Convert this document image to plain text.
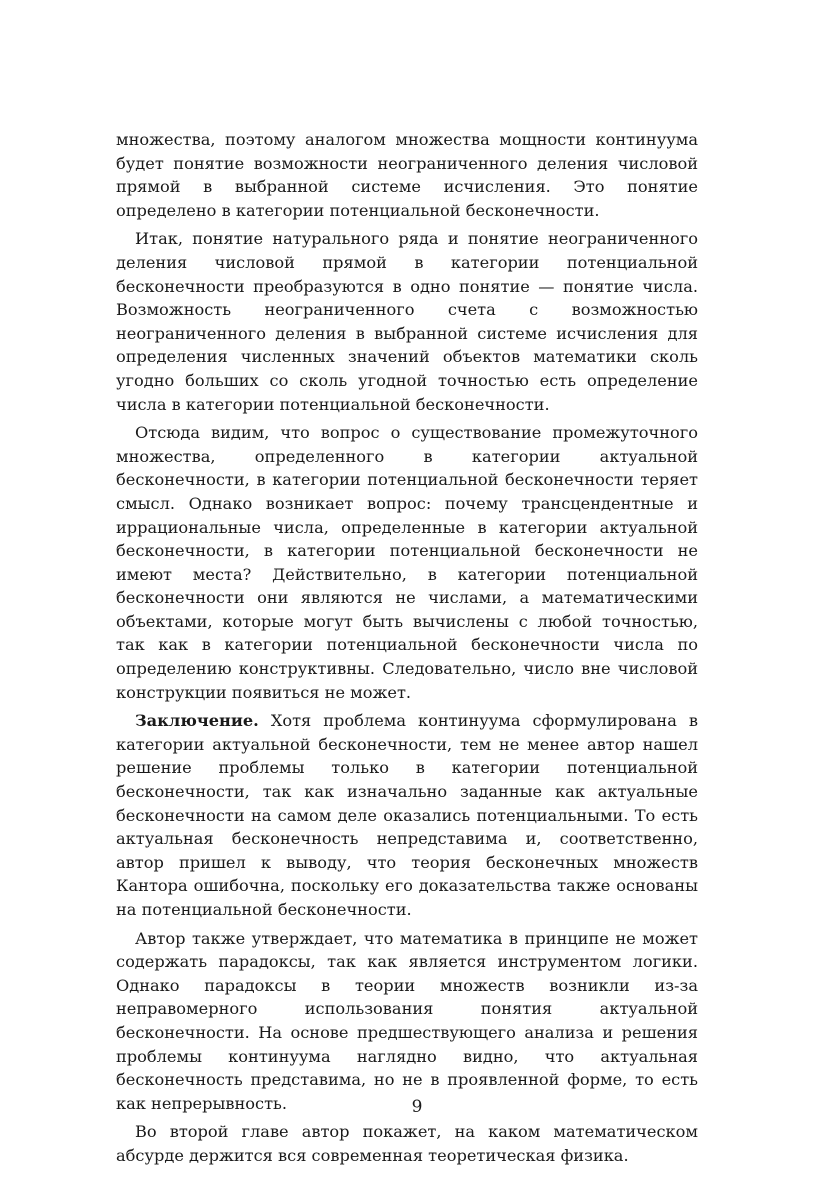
множества, поэтому аналогом множества мощности континуума будет понятие возможности неограниченного деления числовой прямой в выбранной системе исчисления. Это понятие определено в категории потенциальной бесконечности.

Итак, понятие натурального ряда и понятие неограниченного деления числовой прямой в категории потенциальной бесконечности преобразуются в одно понятие — понятие числа. Возможность неограниченного счета с возможностью неограниченного деления в выбранной системе исчисления для определения численных значений объектов математики сколь угодно больших со сколь угодной точностью есть определение числа в категории потенциальной бесконечности.

Отсюда видим, что вопрос о существование промежуточного множества, определенного в категории актуальной бесконечности, в категории потенциальной бесконечности теряет смысл. Однако возникает вопрос: почему трансцендентные и иррациональные числа, определенные в категории актуальной бесконечности, в категории потенциальной бесконечности не имеют места? Действительно, в категории потенциальной бесконечности они являются не числами, а математическими объектами, которые могут быть вычислены с любой точностью, так как в категории потенциальной бесконечности числа по определению конструктивны. Следовательно, число вне числовой конструкции появиться не может.

Заключение. Хотя проблема континуума сформулирована в категории актуальной бесконечности, тем не менее автор нашел решение проблемы только в категории потенциальной бесконечности, так как изначально заданные как актуальные бесконечности на самом деле оказались потенциальными. То есть актуальная бесконечность непредставима и, соответственно, автор пришел к выводу, что теория бесконечных множеств Кантора ошибочна, поскольку его доказательства также основаны на потенциальной бесконечности.

Автор также утверждает, что математика в принципе не может содержать парадоксы, так как является инструментом логики. Однако парадоксы в теории множеств возникли из‑за неправомерного использования понятия актуальной бесконечности. На основе предшествующего анализа и решения проблемы континуума наглядно видно, что актуальная бесконечность представима, но не в проявленной форме, то есть как непрерывность.

Во второй главе автор покажет, на каком математическом абсурде держится вся современная теоретическая физика.

9
